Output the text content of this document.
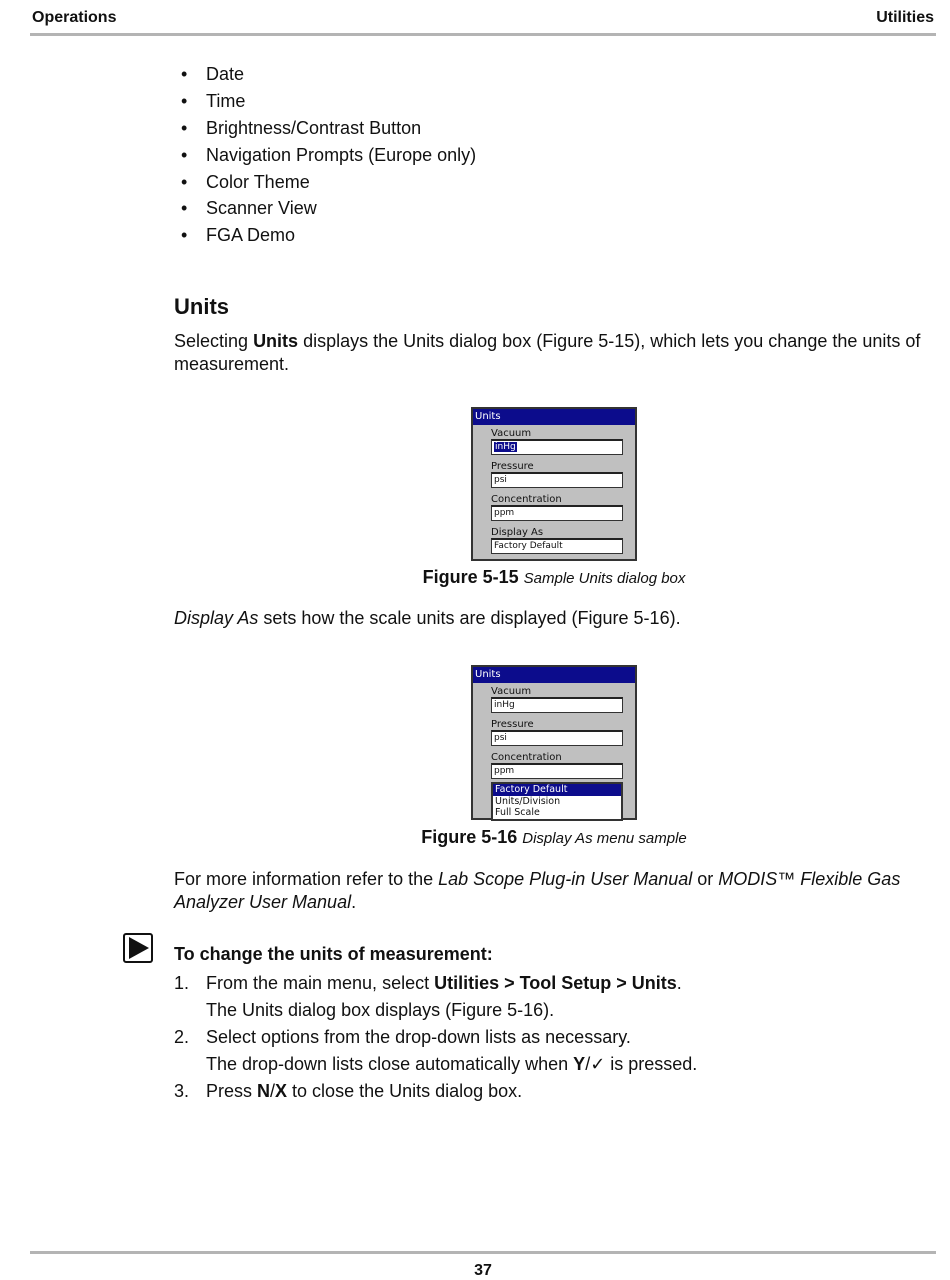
Operations	Utilities
• Date
• Time
• Brightness/Contrast Button
• Navigation Prompts (Europe only)
• Color Theme
• Scanner View
• FGA Demo
Units
Selecting Units displays the Units dialog box (Figure 5-15), which lets you change the units of measurement.
Units
Vacuum
inHg
Pressure
psi
Concentration
ppm
Display As
Factory Default
Figure 5-15 Sample Units dialog box
Display As sets how the scale units are displayed (Figure 5-16).
Units
Vacuum
inHg
Pressure
psi
Concentration
ppm
Factory Default
Units/Division
Full Scale
Figure 5-16 Display As menu sample
For more information refer to the Lab Scope Plug-in User Manual or MODIS™ Flexible Gas Analyzer User Manual.
To change the units of measurement:
1. From the main menu, select Utilities > Tool Setup > Units.
The Units dialog box displays (Figure 5-16).
2. Select options from the drop-down lists as necessary.
The drop-down lists close automatically when Y/✓ is pressed.
3. Press N/X to close the Units dialog box.
37
